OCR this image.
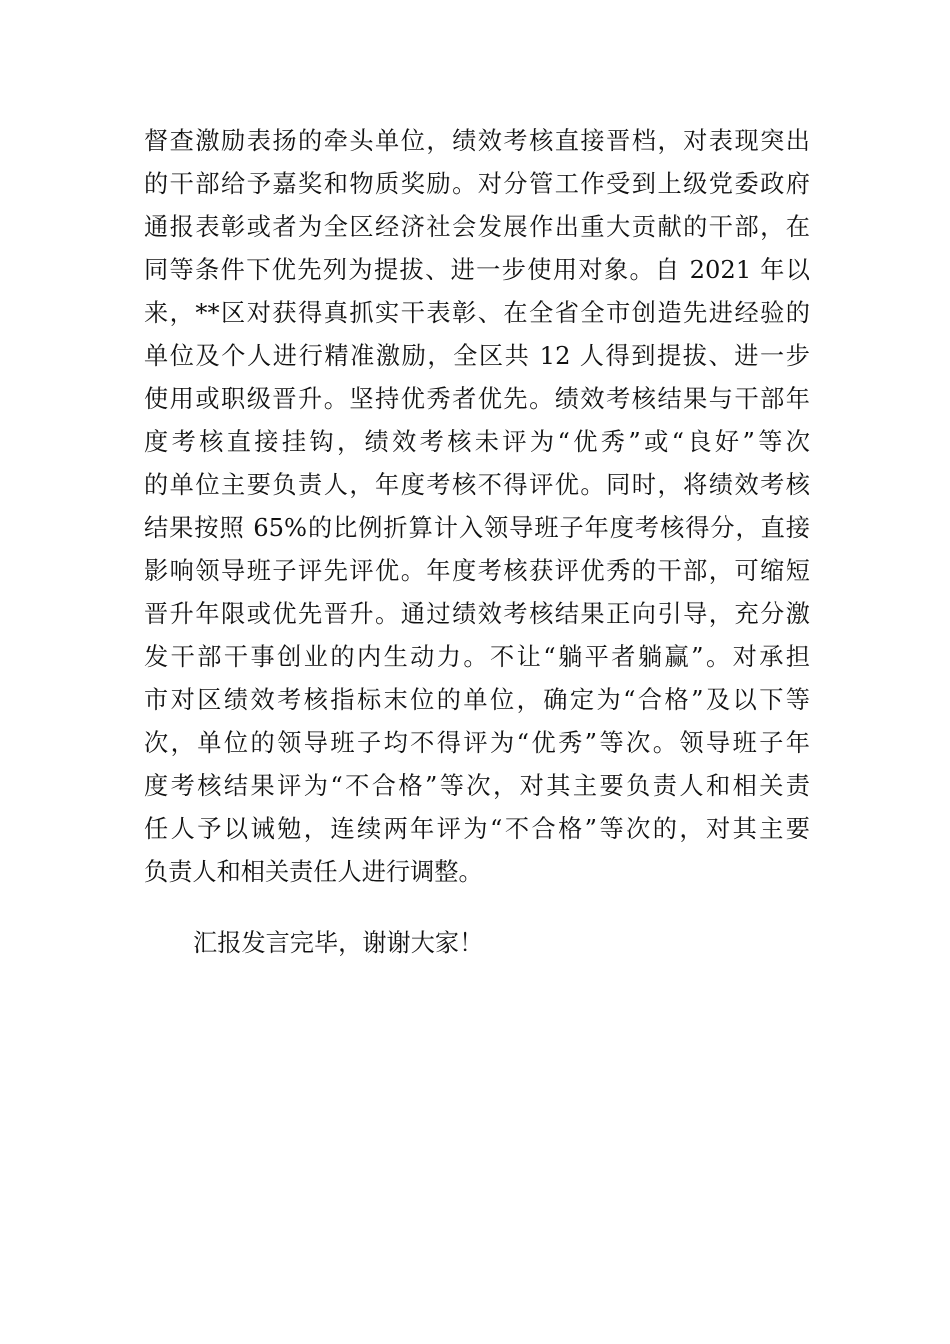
督查激励表扬的牵头单位，绩效考核直接晋档，对表现突出
的干部给予嘉奖和物质奖励。对分管工作受到上级党委政府
通报表彰或者为全区经济社会发展作出重大贡献的干部，在
同等条件下优先列为提拔、进一步使用对象。自 2021 年以
来，**区对获得真抓实干表彰、在全省全市创造先进经验的
单位及个人进行精准激励，全区共 12 人得到提拔、进一步
使用或职级晋升。坚持优秀者优先。绩效考核结果与干部年
度考核直接挂钩，绩效考核未评为“优秀”或“良好”等次
的单位主要负责人，年度考核不得评优。同时，将绩效考核
结果按照 65%的比例折算计入领导班子年度考核得分，直接
影响领导班子评先评优。年度考核获评优秀的干部，可缩短
晋升年限或优先晋升。通过绩效考核结果正向引导，充分激
发干部干事创业的内生动力。不让“躺平者躺赢”。对承担
市对区绩效考核指标末位的单位，确定为“合格”及以下等
次，单位的领导班子均不得评为“优秀”等次。领导班子年
度考核结果评为“不合格”等次，对其主要负责人和相关责
任人予以诫勉，连续两年评为“不合格”等次的，对其主要
负责人和相关责任人进行调整。
汇报发言完毕，谢谢大家！
